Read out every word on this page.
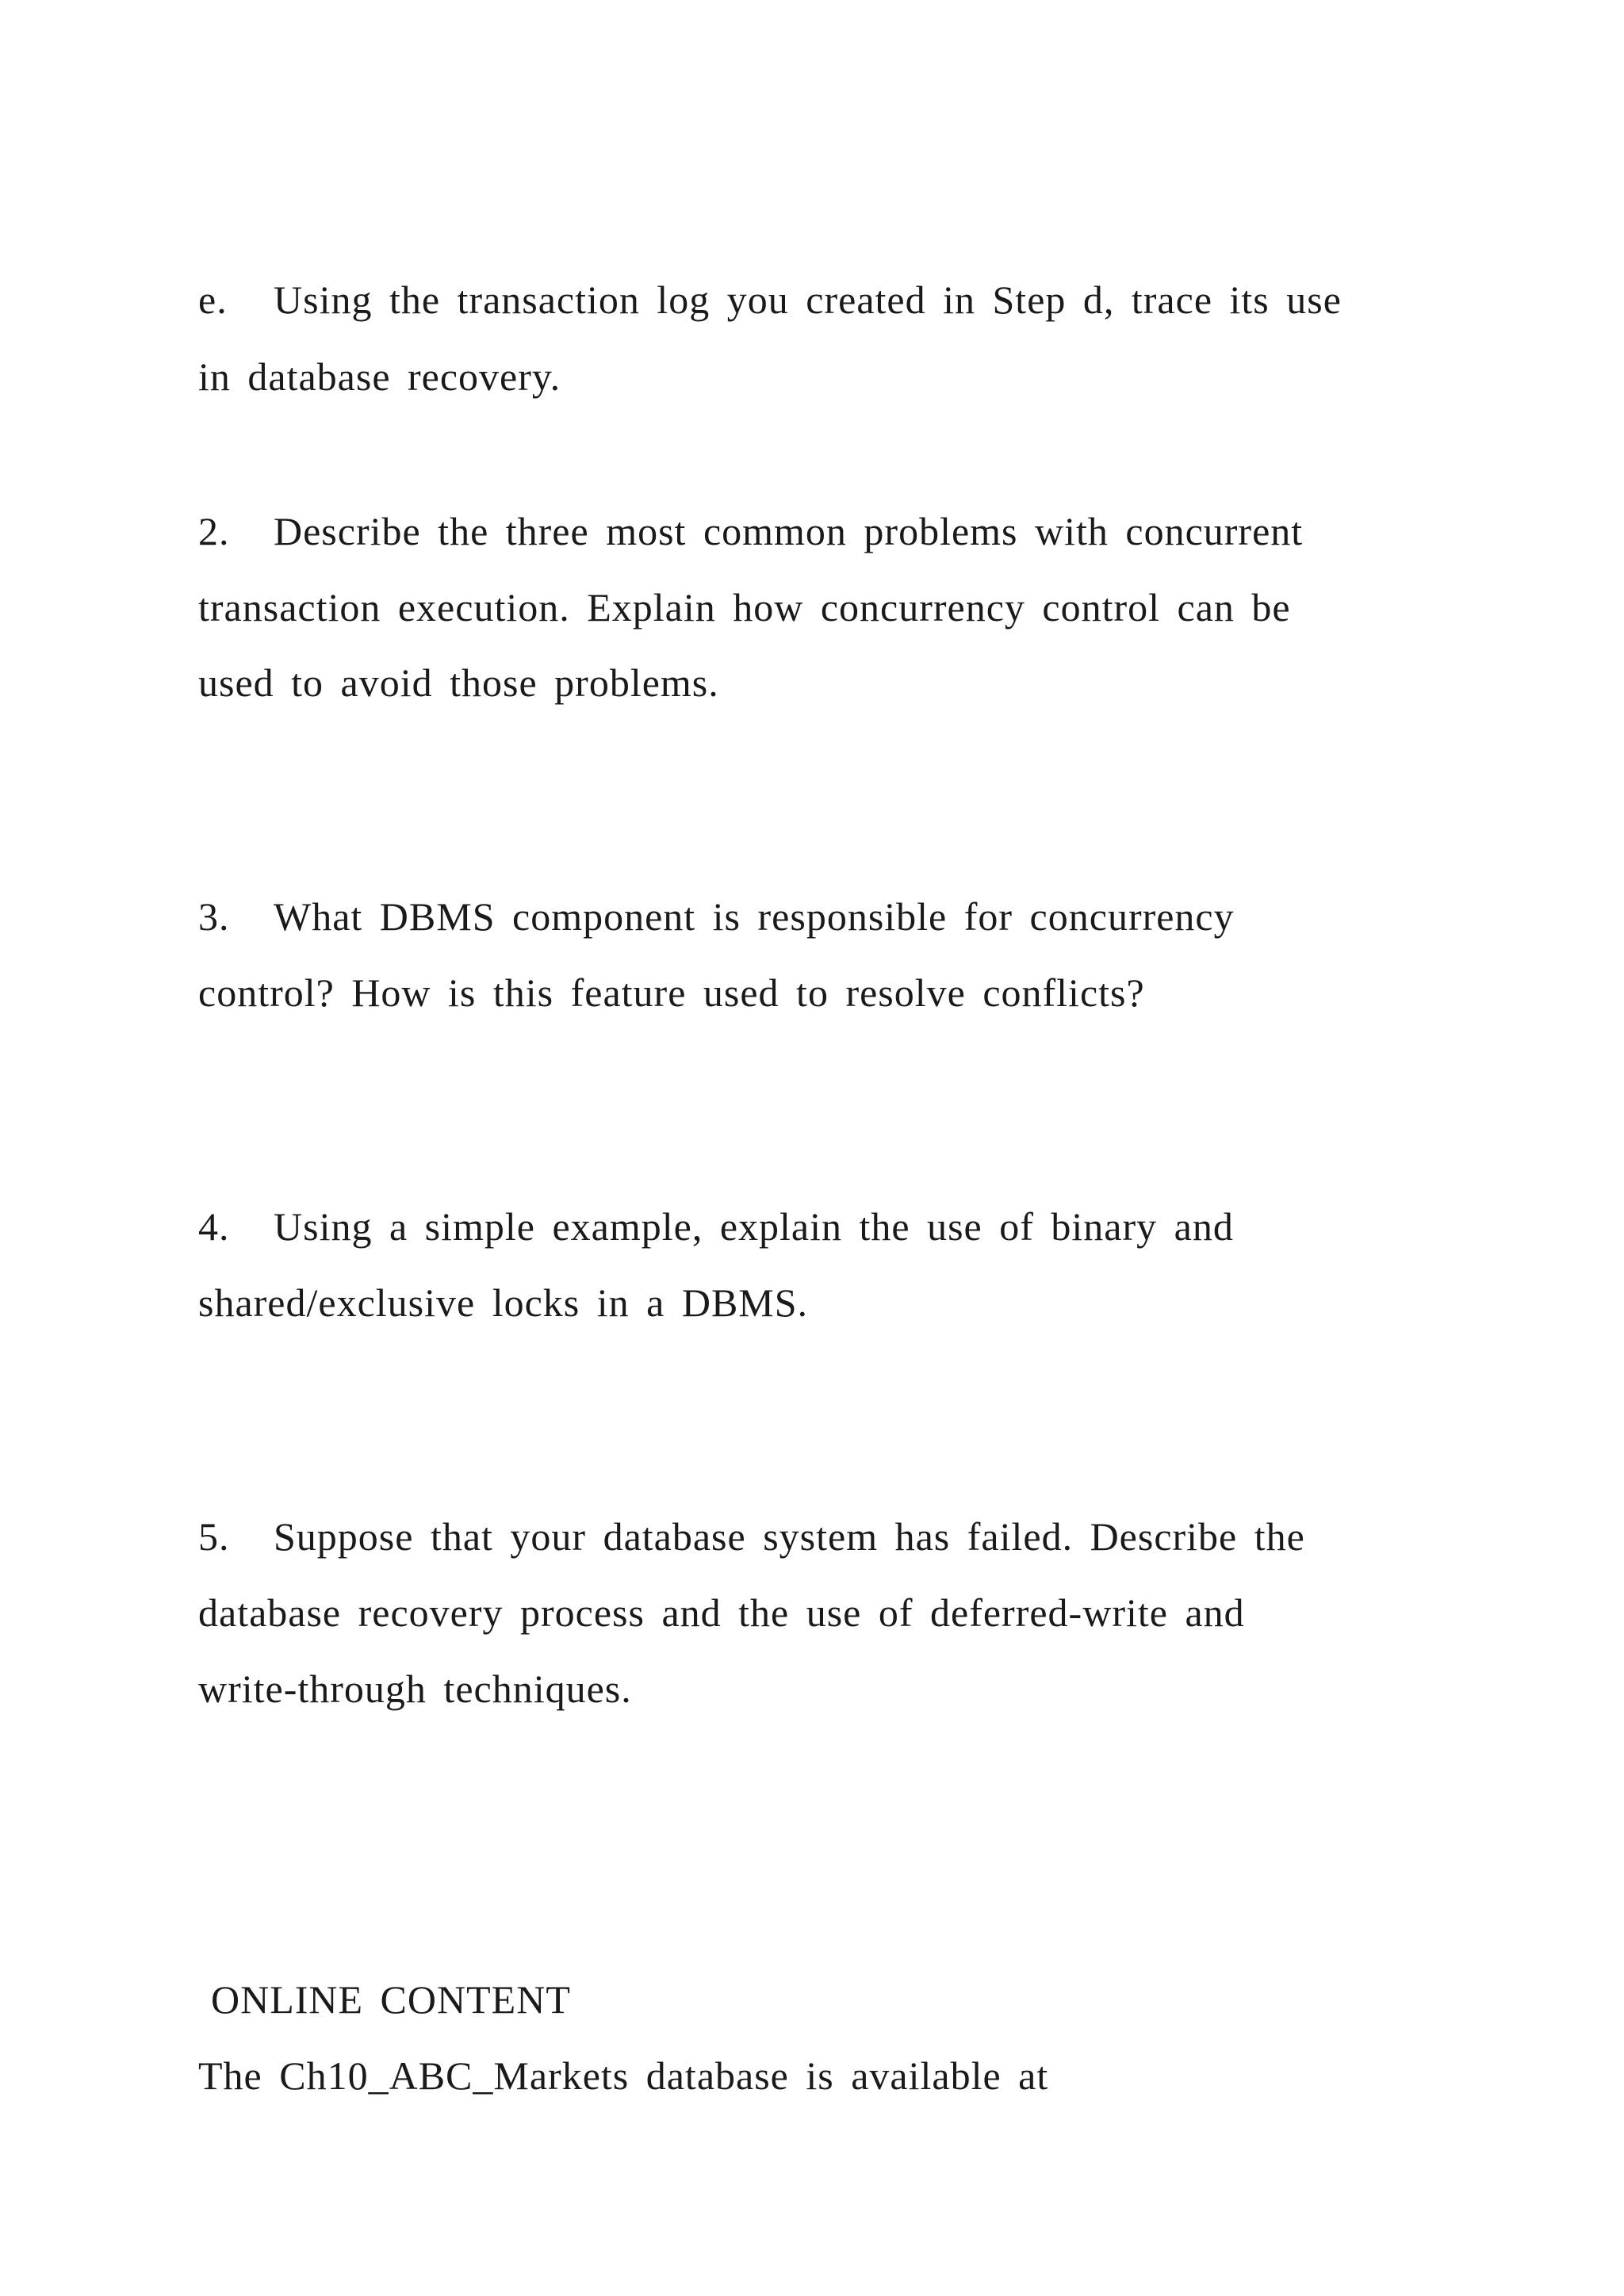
e. Using the transaction log you created in Step d, trace its use
in database recovery.
2. Describe the three most common problems with concurrent
transaction execution. Explain how concurrency control can be
used to avoid those problems.
3. What DBMS component is responsible for concurrency
control? How is this feature used to resolve conflicts?
4. Using a simple example, explain the use of binary and
shared/exclusive locks in a DBMS.
5. Suppose that your database system has failed. Describe the
database recovery process and the use of deferred-write and
write-through techniques.
ONLINE CONTENT
The Ch10_ABC_Markets database is available at
